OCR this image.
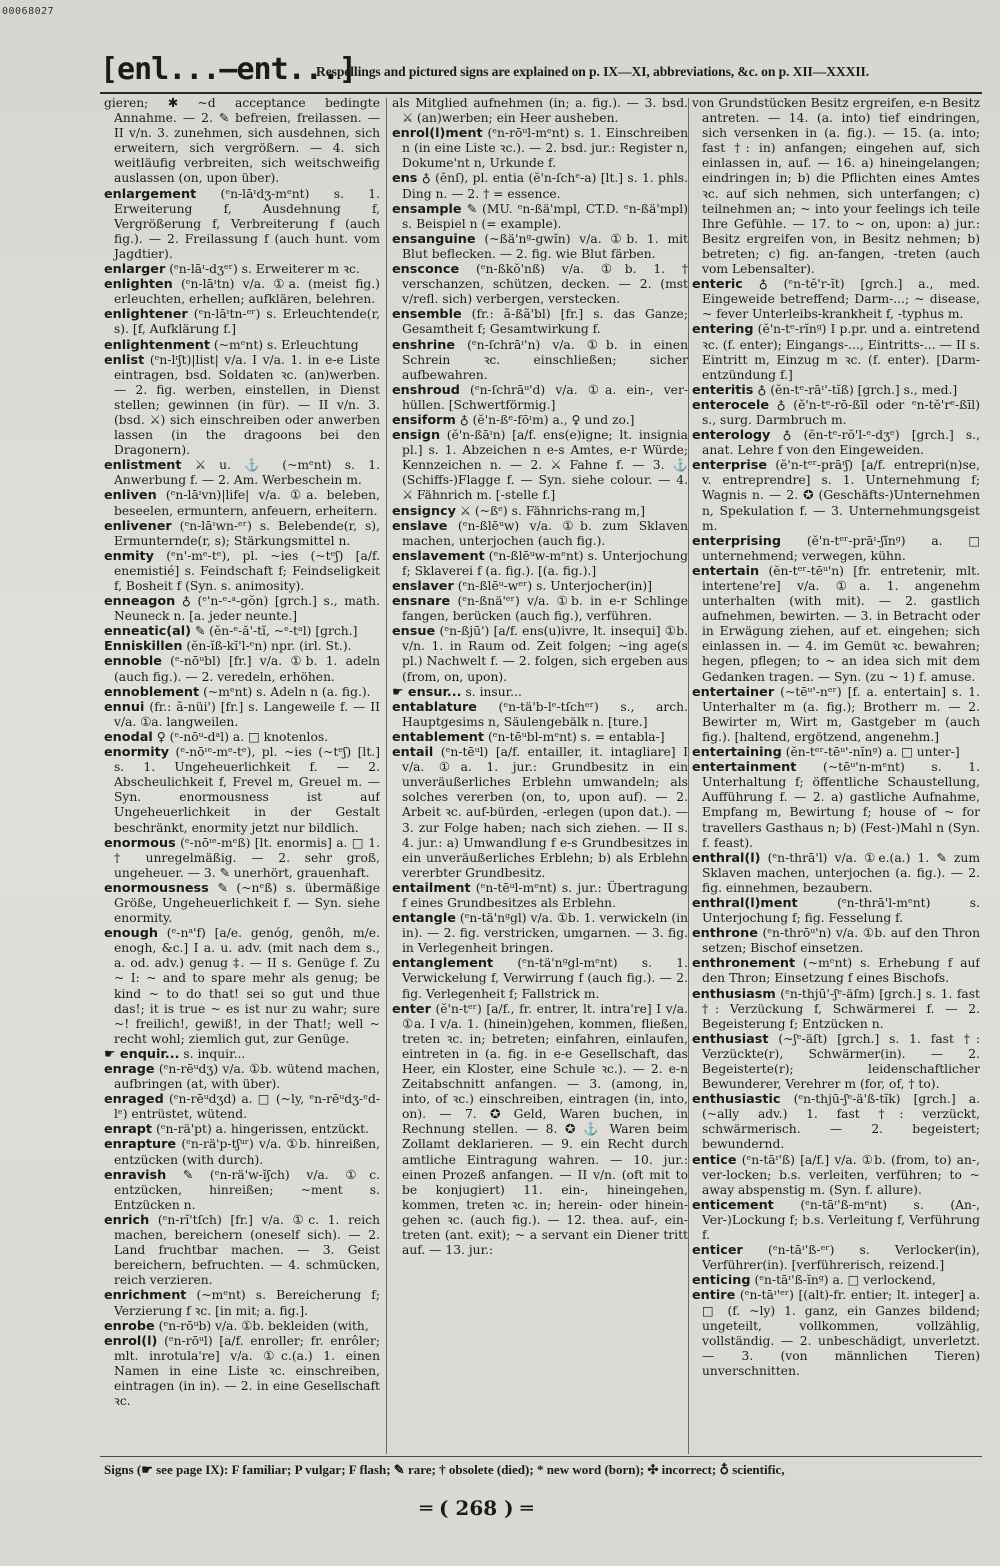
00068027
[enl...—ent...]
Respellings and pictured signs are explained on p. IX—XI, abbreviations, &c. on p. XII—XXXII.
gieren; ✱ ~d acceptance bedingte Annahme. — 2. ✎ befreien, freilassen. — II v/n. 3. zunehmen, sich ausdehnen, sich erweitern, sich vergrößern. — 4. sich weitläufig verbreiten, sich weitschweifig auslassen (on, upon über).
enlargement (ᵉn-lāᶦdʒ-mᵉnt) s. 1. Erweiterung f, Ausdehnung f, Vergrößerung f, Verbreiterung f (auch fig.). — 2. Freilassung f (auch hunt. vom Jagdtier).
enlarger (ᵉn-lāᶦ-dʒᵉʳ) s. Erweiterer m ꝛc.
enlighten (ᵉn-lāᶦtn) v/a. ①a. (meist fig.) erleuchten, erhellen; aufklären, belehren.
enlightener (ᵉn-lāᶦtn-ᵉʳ) s. Erleuchtende(r, s). [f, Aufklärung f.]
enlightenment (~mᵉnt) s. Erleuchtung
enlist (ᵉn-lᶦʃt)|list| v/a. I v/a. 1. in e-e Liste eintragen, bsd. Soldaten ꝛc. (an)werben. — 2. fig. werben, einstellen, in Dienst stellen; gewinnen (in für). — II v/n. 3. (bsd. ⚔) sich einschreiben oder anwerben lassen (in the dragoons bei den Dragonern).
enlistment ⚔ u. ⚓ (~mᵉnt) s. 1. Anwerbung f. — 2. Am. Werbeschein m.
enliven (ᵉn-lāᶦvn)|life| v/a. ①a. beleben, beseelen, ermuntern, anfeuern, erheitern.
enlivener (ᵉn-lāᶦwn-ᵉʳ) s. Belebende(r, s), Ermunternde(r, s); Stärkungsmittel n.
enmity (ᵉn'-mᵉ-tᵉ), pl. ~ies (~tᵉʃ) [a/f. enemistié] s. Feindschaft f; Feindseligkeit f, Bosheit f (Syn. s. animosity).
enneagon ♁ (ᵉ'n-ᵉ-ᵃ-gŏn) [grch.] s., math. Neuneck n. [a. jeder neunte.]
enneatic(al) ✎ (ĕn-ᵉ-ă'-tĭ, ~ᵉ-tᵃl) [grch.]
Enniskillen (ĕn-ĭß-kĭ'l-ᵉn) npr. (irl. St.).
ennoble (ᵉ-nōᵘbl) [fr.] v/a. ①b. 1. adeln (auch fig.). — 2. veredeln, erhöhen.
ennoblement (~mᵉnt) s. Adeln n (a. fig.).
ennui (fr.: ã-nüi') [fr.] s. Langeweile f. — II v/a. ①a. langweilen.
enodal ♀ (ᵉ-nōᵘ-dᵃl) a. □ knotenlos.
enormity (ᵉ-nōᶦᵉ-mᵉ-tᵉ), pl. ~ies (~tᵉʃ) [lt.] s. 1. Ungeheuerlichkeit f. — 2. Abscheulichkeit f, Frevel m, Greuel m. — Syn. enormousness ist auf Ungeheuerlichkeit in der Gestalt beschränkt, enormity jetzt nur bildlich.
enormous (ᵉ-nōᶦᵉ-mᵉß) [lt. enormis] a. □ 1. † unregelmäßig. — 2. sehr groß, ungeheuer. — 3. ✎ unerhört, grauenhaft.
enormousness ✎ (~nᵉß) s. übermäßige Größe, Ungeheuerlichkeit f. — Syn. siehe enormity.
enough (ᵉ-nᵃ'f) [a/e. genóg, genôh, m/e. enogh, &c.] I a. u. adv. (mit nach dem s., a. od. adv.) genug ‡. — II s. Genüge f. Zu ~ I: ~ and to spare mehr als genug; be kind ~ to do that! sei so gut und thue das!; it is true ~ es ist nur zu wahr; sure ~! freilich!, gewiß!, in der That!; well ~ recht wohl; ziemlich gut, zur Genüge.
☛ enquir... s. inquir...
enrage (ᵉn-rēᵘdʒ) v/a. ①b. wütend machen, aufbringen (at, with über).
enraged (ᵉn-rēᵘdʒd) a. □ (~ly, ᵉn-rēᵘdʒ-ᵉd-lᵉ) entrüstet, wütend.
enrapt (ᵉn-rä'pt) a. hingerissen, entzückt.
enrapture (ᵉn-rä'p-tʃᵘʳ) v/a. ①b. hinreißen, entzücken (with durch).
enravish ✎ (ᵉn-rä'w-ĭʃch) v/a. ①c. entzücken, hinreißen; ~ment s. Entzücken n.
enrich (ᵉn-rĭ'tſch) [fr.] v/a. ①c. 1. reich machen, bereichern (oneself sich). — 2. Land fruchtbar machen. — 3. Geist bereichern, befruchten. — 4. schmücken, reich verzieren.
enrichment (~mᵉnt) s. Bereicherung f; Verzierung f ꝛc. [in mit; a. fig.].
enrobe (ᵉn-rōᵘb) v/a. ①b. bekleiden (with,
enrol(l) (ᵉn-rōᵘl) [a/f. enroller; fr. enrôler; mlt. inrotula're] v/a. ①c.(a.) 1. einen Namen in eine Liste ꝛc. einschreiben, eintragen (in in). — 2. in eine Gesellschaft ꝛc.
als Mitglied aufnehmen (in; a. fig.). — 3. bsd. ⚔ (an)werben; ein Heer ausheben.
enrol(l)ment (ᵉn-rōᵘl-mᵉnt) s. 1. Einschreiben n (in eine Liste ꝛc.). — 2. bsd. jur.: Register n, Dokume'nt n, Urkunde f.
ens ♁ (ĕnſ), pl. entia (ĕ'n-ſchᵉ-a) [lt.] s. 1. phls. Ding n. — 2. † = essence.
ensample ✎ (MU. ᵉn-ßä'mpl, CT.D. ᵉn-ßä'mpl) s. Beispiel n (= example).
ensanguine (~ßä'nᵍ-gwĭn) v/a. ①b. 1. mit Blut beflecken. — 2. fig. wie Blut färben.
ensconce (ᵉn-ßkŏ'nß) v/a. ①b. 1. † verschanzen, schützen, decken. — 2. (mst v/refl. sich) verbergen, verstecken.
ensemble (fr.: ã-ßã'bl) [fr.] s. das Ganze; Gesamtheit f; Gesamtwirkung f.
enshrine (ᵉn-ſchrāᶦ'n) v/a. ①b. in einen Schrein ꝛc. einschließen; sicher aufbewahren.
enshroud (ᵉn-ſchrāᵘ'd) v/a. ①a. ein-, ver-hüllen. [Schwertförmig.]
ensiform ♁ (ĕ'n-ßᵉ-fōᶦm) a., ♀ und zo.]
ensign (ĕ'n-ßāᶦn) [a/f. ens(e)igne; lt. insignia pl.] s. 1. Abzeichen n e-s Amtes, e-r Würde; Kennzeichen n. — 2. ⚔ Fahne f. — 3. ⚓ (Schiffs-)Flagge f. — Syn. siehe colour. — 4. ⚔ Fähnrich m. [-stelle f.]
ensigncy ⚔ (~ßᵉ) s. Fähnrichs-rang m,]
enslave (ᵉn-ßlēᵘw) v/a. ①b. zum Sklaven machen, unterjochen (auch fig.).
enslavement (ᵉn-ßlēᵘw-mᵉnt) s. Unterjochung f; Sklaverei f (a. fig.). [(a. fig.).]
enslaver (ᵉn-ßlēᵘ-wᵉʳ) s. Unterjocher(in)]
ensnare (ᵉn-ßnä'ᵉʳ) v/a. ①b. in e-r Schlinge fangen, berücken (auch fig.), verführen.
ensue (ᵉn-ßjū') [a/f. ens(u)ivre, lt. insequi] ①b. v/n. 1. in Raum od. Zeit folgen; ~ing age(s pl.) Nachwelt f. — 2. folgen, sich ergeben aus (from, on, upon).
☛ ensur... s. insur...
entablature (ᵉn-tä'b-lᵉ-tſchᵉʳ) s., arch. Hauptgesims n, Säulengebälk n. [ture.]
entablement (ᵉn-tēᵘbl-mᵉnt) s. = entabla-]
entail (ᵉn-tēᵘl) [a/f. entailler, it. intagliare] I v/a. ①a. 1. jur.: Grundbesitz in ein unveräußerliches Erblehn umwandeln; als solches vererben (on, to, upon auf). — 2. Arbeit ꝛc. auf-bürden, -erlegen (upon dat.). — 3. zur Folge haben; nach sich ziehen. — II s. 4. jur.: a) Umwandlung f e-s Grundbesitzes in ein unveräußerliches Erblehn; b) als Erblehn vererbter Grundbesitz.
entailment (ᵉn-tēᵘl-mᵉnt) s. jur.: Übertragung f eines Grundbesitzes als Erblehn.
entangle (ᵉn-tä'nᵍgl) v/a. ①b. 1. verwickeln (in in). — 2. fig. verstricken, umgarnen. — 3. fig. in Verlegenheit bringen.
entanglement (ᵉn-tä'nᵍgl-mᵉnt) s. 1. Verwickelung f, Verwirrung f (auch fig.). — 2. fig. Verlegenheit f; Fallstrick m.
enter (ĕ'n-tᵉʳ) [a/f., fr. entrer, lt. intra're] I v/a. ①a. I v/a. 1. (hinein)gehen, kommen, fließen, treten ꝛc. in; betreten; einfahren, einlaufen, eintreten in (a. fig. in e-e Gesellschaft, das Heer, ein Kloster, eine Schule ꝛc.). — 2. e-n Zeitabschnitt anfangen. — 3. (among, in, into, of ꝛc.) einschreiben, eintragen (in, into, on). — 7. ✪ Geld, Waren buchen, in Rechnung stellen. — 8. ✪ ⚓ Waren beim Zollamt deklarieren. — 9. ein Recht durch amtliche Eintragung wahren. — 10. jur.: einen Prozeß anfangen. — II v/n. (oft mit to be konjugiert) 11. ein-, hineingehen, kommen, treten ꝛc. in; herein- oder hinein-gehen ꝛc. (auch fig.). — 12. thea. auf-, ein-treten (ant. exit); ~ a servant ein Diener tritt auf. — 13. jur.:
von Grundstücken Besitz ergreifen, e-n Besitz antreten. — 14. (a. into) tief eindringen, sich versenken in (a. fig.). — 15. (a. into; fast †: in) anfangen; eingehen auf, sich einlassen in, auf. — 16. a) hineingelangen; eindringen in; b) die Pflichten eines Amtes ꝛc. auf sich nehmen, sich unterfangen; c) teilnehmen an; ~ into your feelings ich teile Ihre Gefühle. — 17. to ~ on, upon: a) jur.: Besitz ergreifen von, in Besitz nehmen; b) betreten; c) fig. an-fangen, -treten (auch vom Lebensalter).
enteric ♁ (ᵉn-tĕ'r-ĭt) [grch.] a., med. Eingeweide betreffend; Darm-...; ~ disease, ~ fever Unterleibs-krankheit f, -typhus m.
entering (ĕ'n-tᵉ-rĭnᵍ) I p.pr. und a. eintretend ꝛc. (f. enter); Eingangs-..., Eintritts-... — II s. Eintritt m, Einzug m ꝛc. (f. enter). [Darm-entzündung f.]
enteritis ♁ (ĕn-tᵉ-rāᶦ'-tĭß) [grch.] s., med.]
enterocele ♁ (ĕ'n-tᵉ-rō-ßīl oder ᵉn-tĕ'rᵉ-ßīl) s., surg. Darmbruch m.
enterology ♁ (ĕn-tᵉ-rŏ'l-ᵉ-dʒᵉ) [grch.] s., anat. Lehre f von den Eingeweiden.
enterprise (ĕ'n-tᵉʳ-prāᶦʃ) [a/f. entrepri(n)se, v. entreprendre] s. 1. Unternehmung f; Wagnis n. — 2. ✪ (Geschäfts-)Unternehmen n, Spekulation f. — 3. Unternehmungsgeist m.
enterprising (ĕ'n-tᵉʳ-prāᶦ-ʃĭnᵍ) a. □ unternehmend; verwegen, kühn.
entertain (ĕn-tᵉʳ-tēᵘ'n) [fr. entretenir, mlt. intertene're] v/a. ①a. 1. angenehm unterhalten (with mit). — 2. gastlich aufnehmen, bewirten. — 3. in Betracht oder in Erwägung ziehen, auf et. eingehen; sich einlassen in. — 4. im Gemüt ꝛc. bewahren; hegen, pflegen; to ~ an idea sich mit dem Gedanken tragen. — Syn. (zu ~ 1) f. amuse.
entertainer (~tēᵘ'-nᵉʳ) [f. a. entertain] s. 1. Unterhalter m (a. fig.); Brotherr m. — 2. Bewirter m, Wirt m, Gastgeber m (auch fig.). [haltend, ergötzend, angenehm.]
entertaining (ĕn-tᵉʳ-tēᵘ'-nĭnᵍ) a. □ unter-]
entertainment (~tēᵘ'n-mᵉnt) s. 1. Unterhaltung f; öffentliche Schaustellung, Aufführung f. — 2. a) gastliche Aufnahme, Empfang m, Bewirtung f; house of ~ for travellers Gasthaus n; b) (Fest-)Mahl n (Syn. f. feast).
enthral(l) (ᵉn-thrā'l) v/a. ①e.(a.) 1. ✎ zum Sklaven machen, unterjochen (a. fig.). — 2. fig. einnehmen, bezaubern.
enthral(l)ment	(ᵉn-thrā'l-mᵉnt) s. Unterjochung f; fig. Fesselung f.
enthrone (ᵉn-thrōᵘ'n) v/a. ①b. auf den Thron setzen; Bischof einsetzen.
enthronement (~mᵉnt) s. Erhebung f auf den Thron; Einsetzung f eines Bischofs.
enthusiasm (ᵉn-thjū'-ʃᵉ-äſm) [grch.] s. 1. fast †: Verzückung f, Schwärmerei f. — 2. Begeisterung f; Entzücken n.
enthusiast (~ʃᵉ-äſt) [grch.] s. 1. fast †: Verzückte(r), Schwärmer(in). — 2. Begeisterte(r); leidenschaftlicher Bewunderer, Verehrer m (for, of, † to).
enthusiastic (ᵉn-thjū-ʃᵉ-ä'ß-tĭk) [grch.] a. (~ally adv.) 1. fast †: verzückt, schwärmerisch. — 2. begeistert; bewundernd.
entice (ᵉn-tāᶦ'ß) [a/f.] v/a. ①b. (from, to) an-, ver-locken; b.s. verleiten, verführen; to ~ away abspenstig m. (Syn. f. allure).
enticement (ᵉn-tāᶦ'ß-mᵉnt) s. (An-, Ver-)Lockung f; b.s. Verleitung f, Verführung f.
enticer (ᵉn-tāᶦ'ß-ᵉʳ) s. Verlocker(in), Verführer(in). [verführerisch, reizend.]
enticing (ᵉn-tāᶦ'ß-ĭnᵍ) a. □ verlockend,
entire (ᵉn-tāᶦ'ᵉʳ) [(alt)-fr. entier; lt. integer] a. □ (f. ~ly) 1. ganz, ein Ganzes bildend; ungeteilt, vollkommen, vollzählig, vollständig. — 2. unbeschädigt, unverletzt. — 3. (von männlichen Tieren) unverschnitten.
Signs (☛ see page IX): F familiar; P vulgar; F flash; ✎ rare; † obsolete (died); * new word (born); ✣ incorrect; ♁ scientific,
═ ( 268 ) ═
